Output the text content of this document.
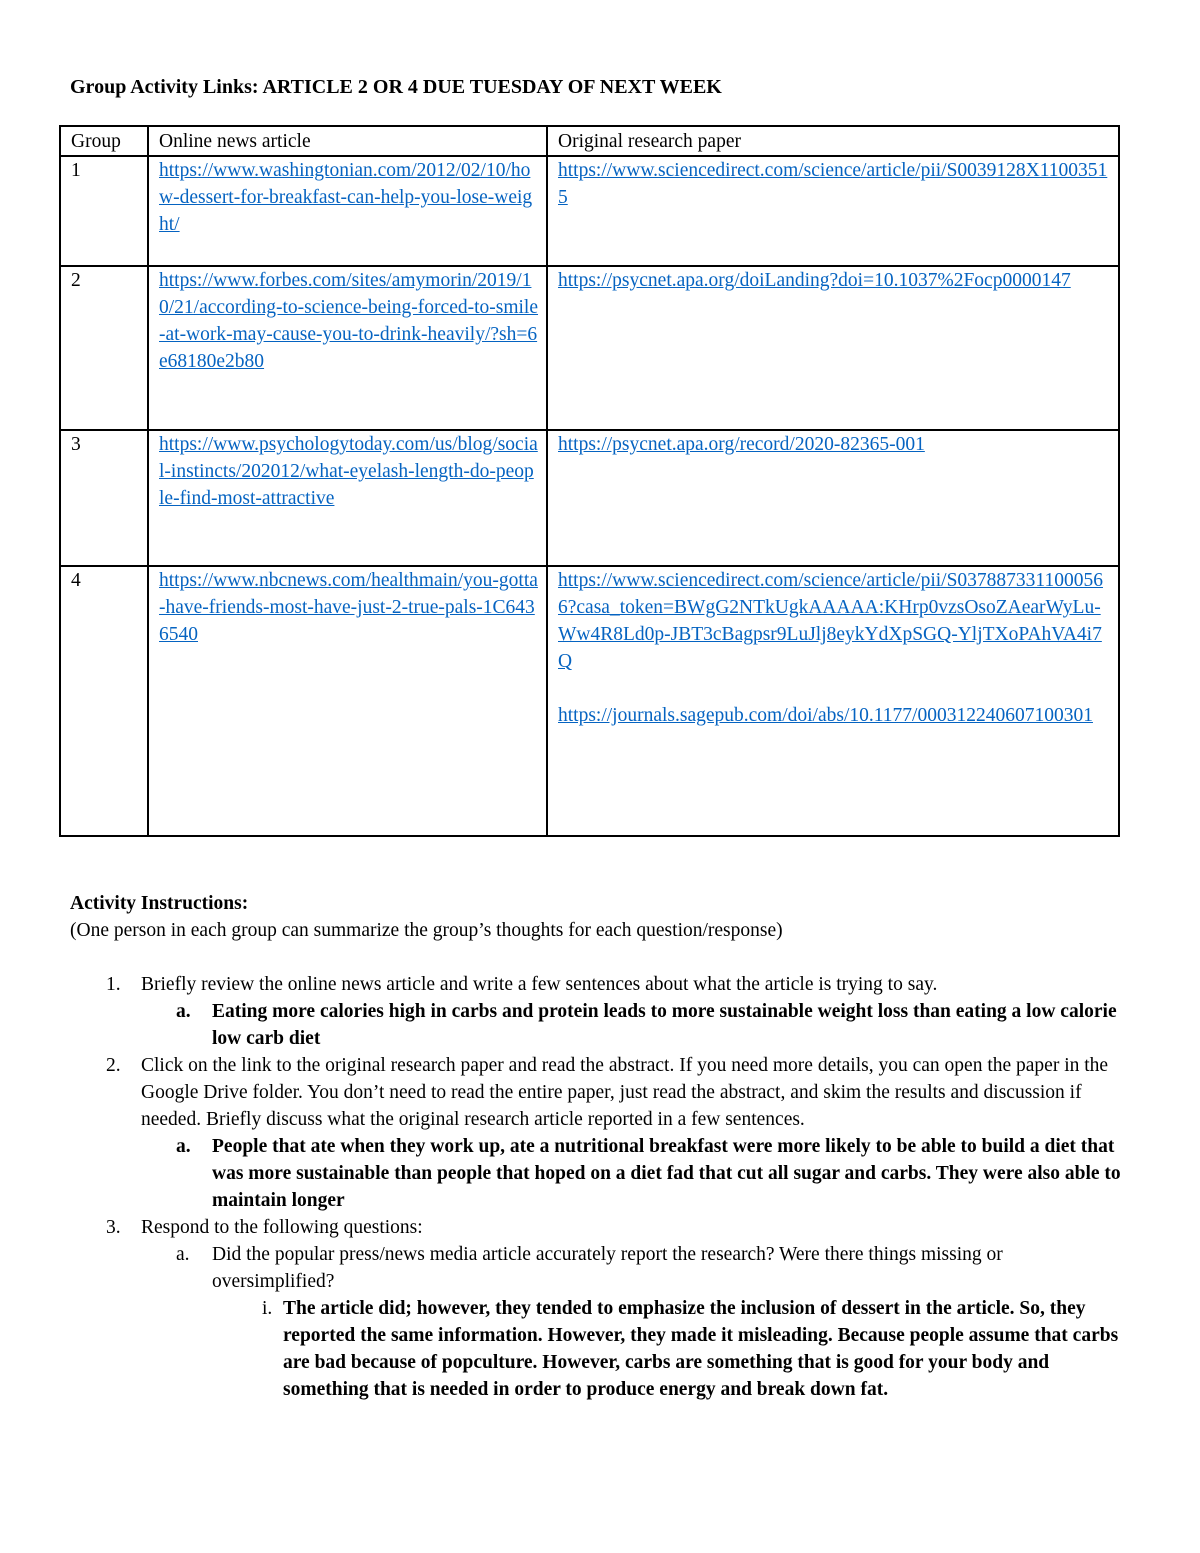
Group Activity Links: ARTICLE 2 OR 4 DUE TUESDAY OF NEXT WEEK
Group	Online news article	Original research paper
1	https://www.washingtonian.com/2012/02/10/how-dessert-for-breakfast-can-help-you-lose-weight/	https://www.sciencedirect.com/science/article/pii/S0039128X11003515
2	https://www.forbes.com/sites/amymorin/2019/10/21/according-to-science-being-forced-to-smile-at-work-may-cause-you-to-drink-heavily/?sh=6e68180e2b80	https://psycnet.apa.org/doiLanding?doi=10.1037%2Focp0000147
3	https://www.psychologytoday.com/us/blog/social-instincts/202012/what-eyelash-length-do-people-find-most-attractive	https://psycnet.apa.org/record/2020-82365-001
4	https://www.nbcnews.com/healthmain/you-gotta-have-friends-most-have-just-2-true-pals-1C6436540	https://www.sciencedirect.com/science/article/pii/S0378873311000566?casa_token=BWgG2NTkUgkAAAAA:KHrp0vzsOsoZAearWyLu-Ww4R8Ld0p-JBT3cBagpsr9LuJlj8eykYdXpSGQ-YljTXoPAhVA4i7Q
https://journals.sagepub.com/doi/abs/10.1177/000312240607100301

Activity Instructions:

(One person in each group can summarize the group’s thoughts for each question/response)

1. Briefly review the online news article and write a few sentences about what the article is trying to say.
a. Eating more calories high in carbs and protein leads to more sustainable weight loss than eating a low calorie low carb diet
2. Click on the link to the original research paper and read the abstract. If you need more details, you can open the paper in the Google Drive folder. You don’t need to read the entire paper, just read the abstract, and skim the results and discussion if needed. Briefly discuss what the original research article reported in a few sentences.
a. People that ate when they work up, ate a nutritional breakfast were more likely to be able to build a diet that was more sustainable than people that hoped on a diet fad that cut all sugar and carbs. They were also able to maintain longer
3. Respond to the following questions:
a. Did the popular press/news media article accurately report the research? Were there things missing or oversimplified?
i. The article did; however, they tended to emphasize the inclusion of dessert in the article. So, they reported the same information. However, they made it misleading. Because people assume that carbs are bad because of popculture. However, carbs are something that is good for your body and something that is needed in order to produce energy and break down fat.
